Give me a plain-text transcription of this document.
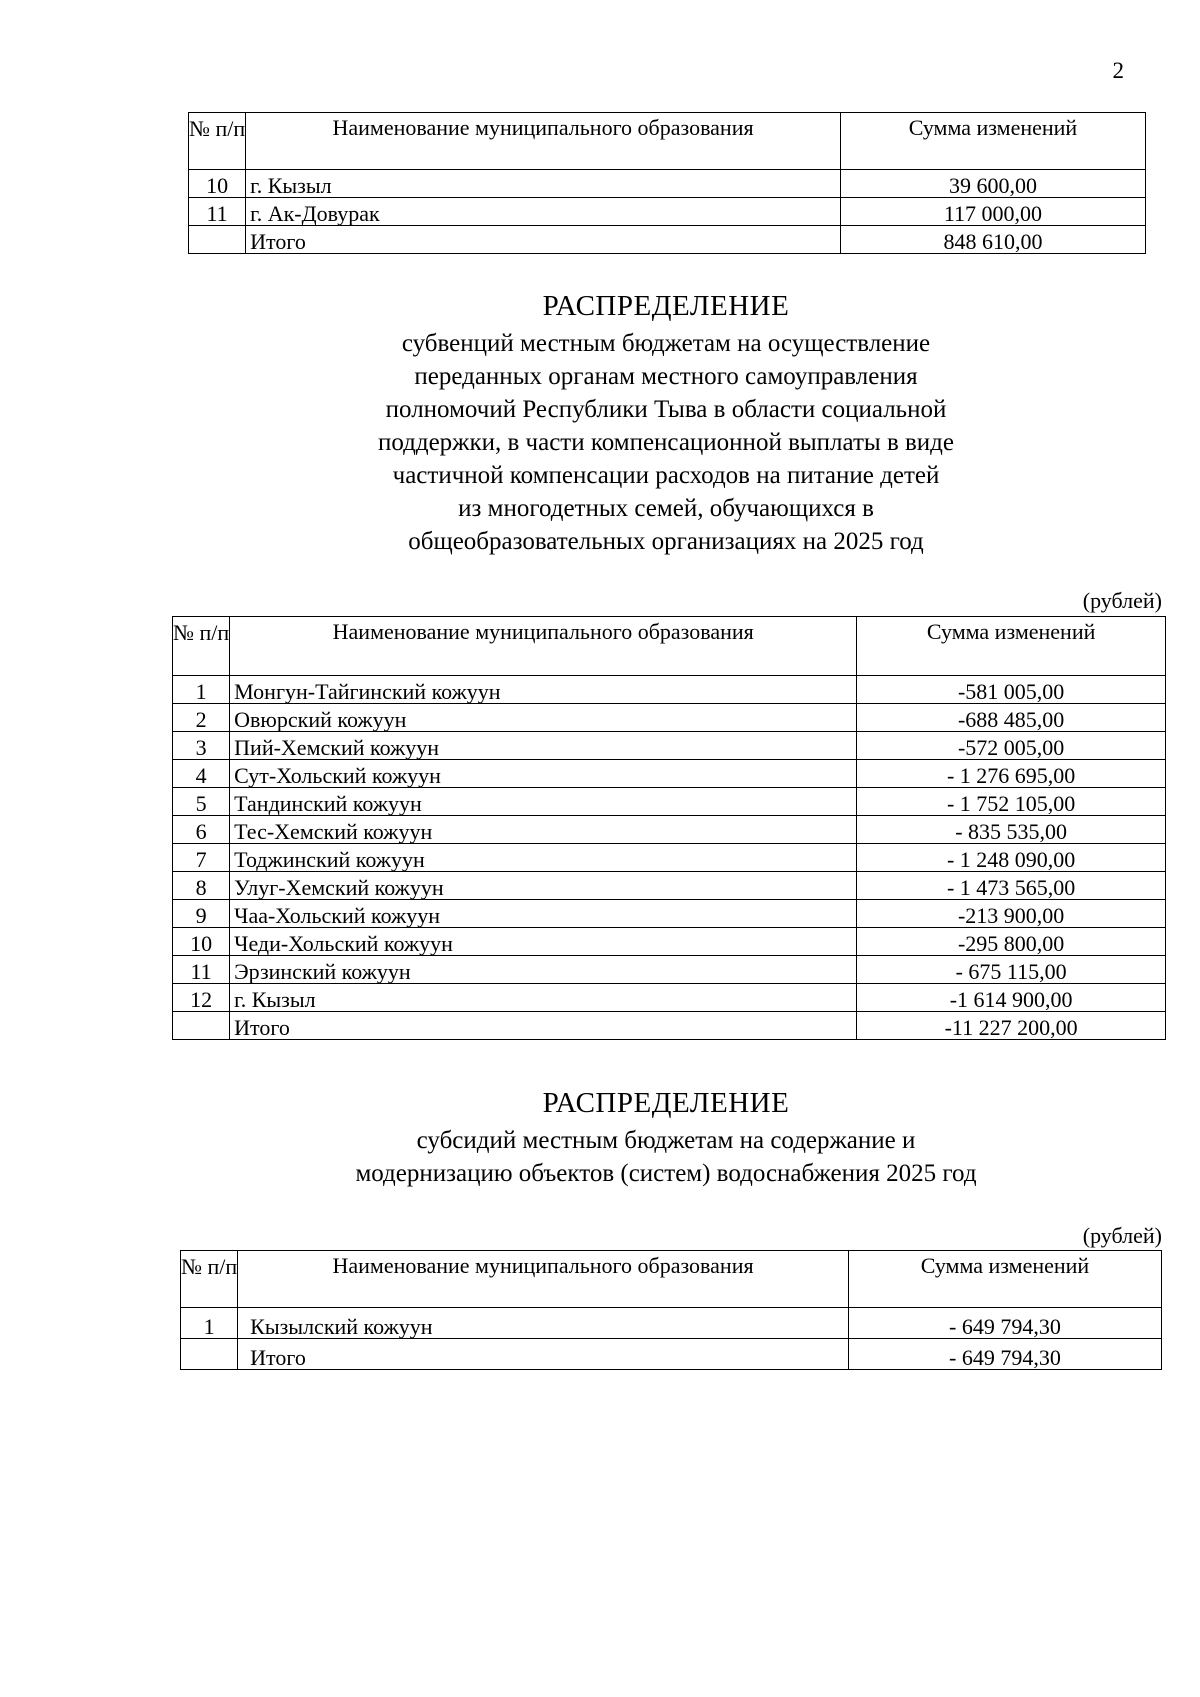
2
№ п/п	Наименование муниципального образования	Сумма изменений
10	г. Кызыл	39 600,00
11	г. Ак-Довурак	117 000,00
	Итого	848 610,00
РАСПРЕДЕЛЕНИЕ
субвенций местным бюджетам на осуществление
переданных органам местного самоуправления
полномочий Республики Тыва в области социальной
поддержки, в части компенсационной выплаты в виде
частичной компенсации расходов на питание детей
из многодетных семей, обучающихся в
общеобразовательных организациях на 2025 год
(рублей)
№ п/п	Наименование муниципального образования	Сумма изменений
1	Монгун-Тайгинский кожуун	-581 005,00
2	Овюрский кожуун	-688 485,00
3	Пий-Хемский кожуун	-572 005,00
4	Сут-Хольский кожуун	- 1 276 695,00
5	Тандинский кожуун	- 1 752 105,00
6	Тес-Хемский кожуун	- 835 535,00
7	Тоджинский кожуун	- 1 248 090,00
8	Улуг-Хемский кожуун	- 1 473 565,00
9	Чаа-Хольский кожуун	-213 900,00
10	Чеди-Хольский кожуун	-295 800,00
11	Эрзинский кожуун	- 675 115,00
12	г. Кызыл	-1 614 900,00
	Итого	-11 227 200,00
РАСПРЕДЕЛЕНИЕ
субсидий местным бюджетам на содержание и
модернизацию объектов (систем) водоснабжения 2025 год
(рублей)
№ п/п	Наименование муниципального образования	Сумма изменений
1	Кызылский кожуун	- 649 794,30
	Итого	- 649 794,30
